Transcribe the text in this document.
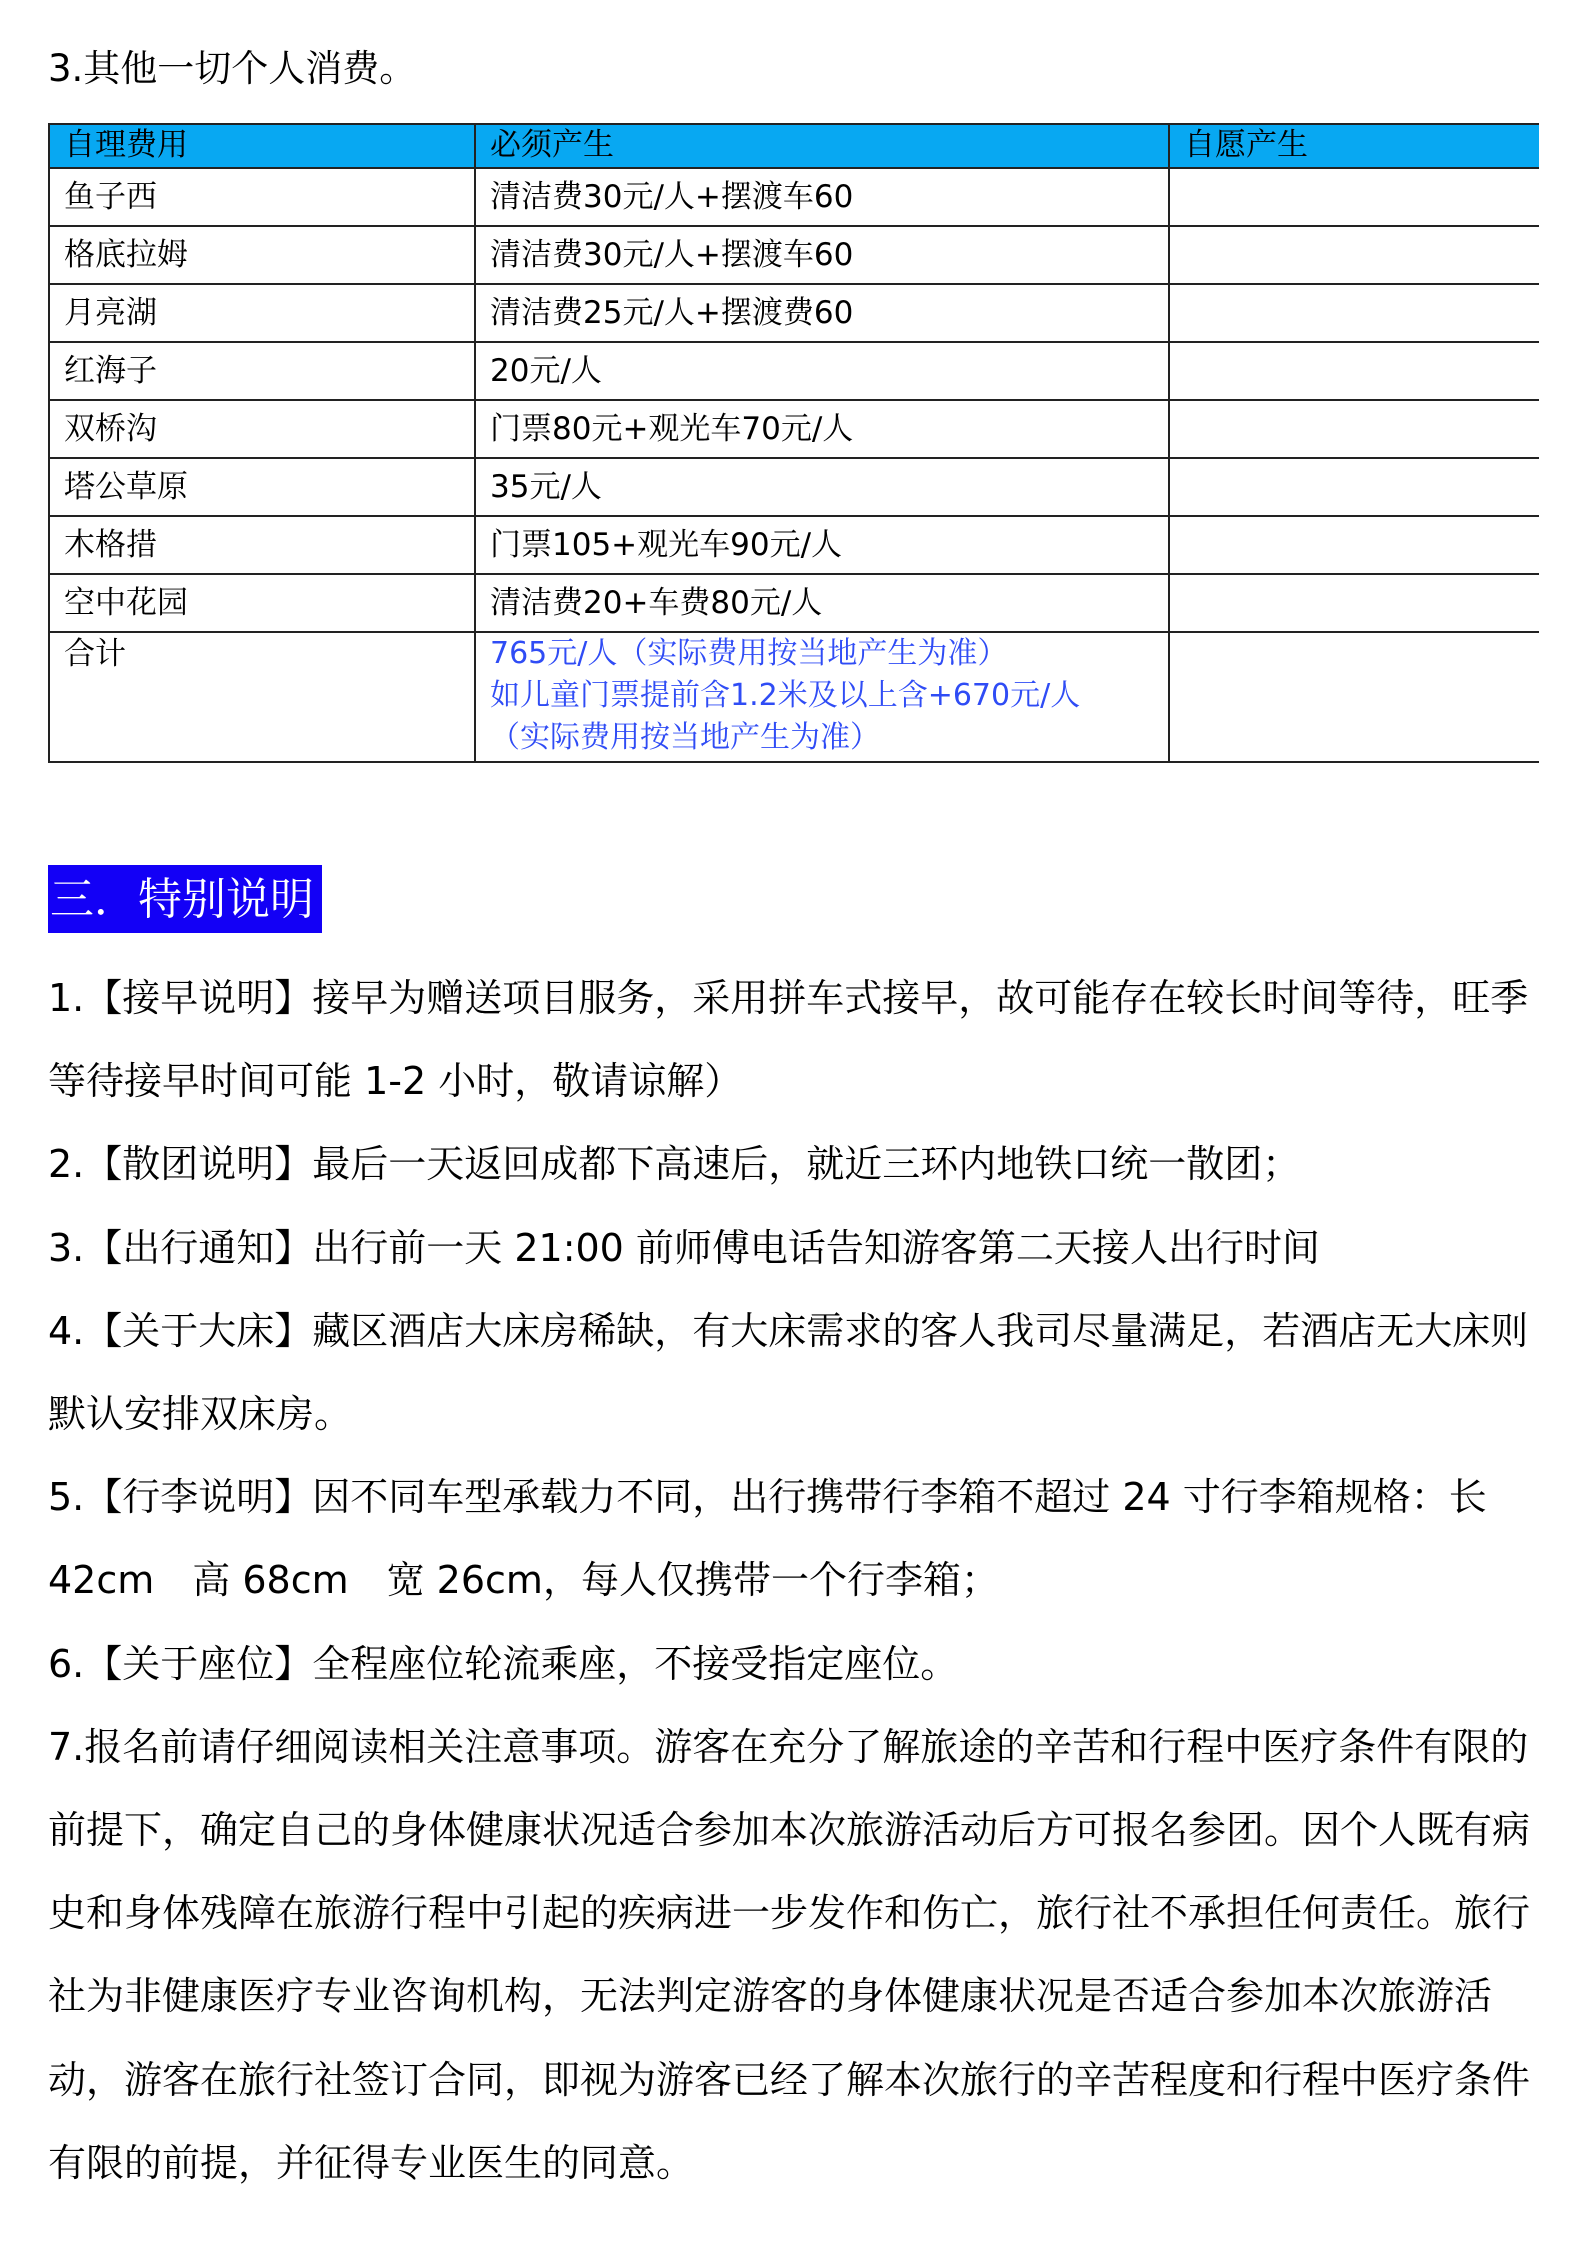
3.其他一切个人消费。
自理费用	必须产生	自愿产生
鱼子西	清洁费30元/人+摆渡车60	
格底拉姆	清洁费30元/人+摆渡车60	
月亮湖	清洁费25元/人+摆渡费60	
红海子	20元/人	
双桥沟	门票80元+观光车70元/人	
塔公草原	35元/人	
木格措	门票105+观光车90元/人	
空中花园	清洁费20+车费80元/人	
合计	765元/人（实际费用按当地产生为准）
如儿童门票提前含1.2米及以上含+670元/人
（实际费用按当地产生为准）	

三．特别说明

1.【接早说明】接早为赠送项目服务，采用拼车式接早，故可能存在较长时间等待，旺季等待接早时间可能 1-2 小时，敬请谅解）

2.【散团说明】最后一天返回成都下高速后，就近三环内地铁口统一散团；

3.【出行通知】出行前一天 21:00 前师傅电话告知游客第二天接人出行时间

4.【关于大床】藏区酒店大床房稀缺，有大床需求的客人我司尽量满足，若酒店无大床则默认安排双床房。

5.【行李说明】因不同车型承载力不同，出行携带行李箱不超过 24 寸行李箱规格：长 42cm　高 68cm　宽 26cm，每人仅携带一个行李箱；

6.【关于座位】全程座位轮流乘座，不接受指定座位。

7.报名前请仔细阅读相关注意事项。游客在充分了解旅途的辛苦和行程中医疗条件有限的前提下，确定自己的身体健康状况适合参加本次旅游活动后方可报名参团。因个人既有病史和身体残障在旅游行程中引起的疾病进一步发作和伤亡，旅行社不承担任何责任。旅行社为非健康医疗专业咨询机构，无法判定游客的身体健康状况是否适合参加本次旅游活动，游客在旅行社签订合同，即视为游客已经了解本次旅行的辛苦程度和行程中医疗条件有限的前提，并征得专业医生的同意。
